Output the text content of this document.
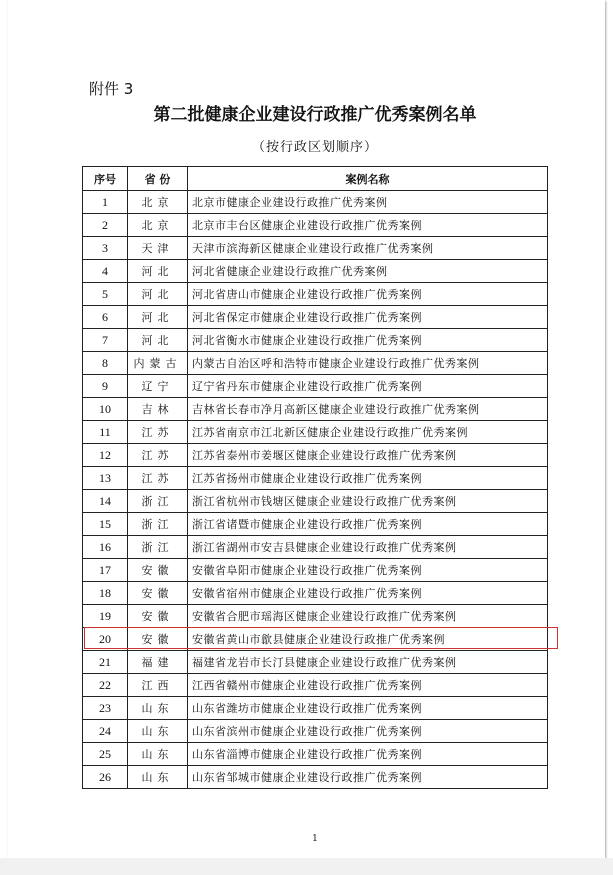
附件 3
第二批健康企业建设行政推广优秀案例名单
（按行政区划顺序）
序号	省 份	案例名称
1	北京	北京市健康企业建设行政推广优秀案例
2	北京	北京市丰台区健康企业建设行政推广优秀案例
3	天津	天津市滨海新区健康企业建设行政推广优秀案例
4	河北	河北省健康企业建设行政推广优秀案例
5	河北	河北省唐山市健康企业建设行政推广优秀案例
6	河北	河北省保定市健康企业建设行政推广优秀案例
7	河北	河北省衡水市健康企业建设行政推广优秀案例
8	内蒙古	内蒙古自治区呼和浩特市健康企业建设行政推广优秀案例
9	辽宁	辽宁省丹东市健康企业建设行政推广优秀案例
10	吉林	吉林省长春市净月高新区健康企业建设行政推广优秀案例
11	江苏	江苏省南京市江北新区健康企业建设行政推广优秀案例
12	江苏	江苏省泰州市姜堰区健康企业建设行政推广优秀案例
13	江苏	江苏省扬州市健康企业建设行政推广优秀案例
14	浙江	浙江省杭州市钱塘区健康企业建设行政推广优秀案例
15	浙江	浙江省诸暨市健康企业建设行政推广优秀案例
16	浙江	浙江省湖州市安吉县健康企业建设行政推广优秀案例
17	安徽	安徽省阜阳市健康企业建设行政推广优秀案例
18	安徽	安徽省宿州市健康企业建设行政推广优秀案例
19	安徽	安徽省合肥市瑶海区健康企业建设行政推广优秀案例
20	安徽	安徽省黄山市歙县健康企业建设行政推广优秀案例
21	福建	福建省龙岩市长汀县健康企业建设行政推广优秀案例
22	江西	江西省赣州市健康企业建设行政推广优秀案例
23	山东	山东省潍坊市健康企业建设行政推广优秀案例
24	山东	山东省滨州市健康企业建设行政推广优秀案例
25	山东	山东省淄博市健康企业建设行政推广优秀案例
26	山东	山东省邹城市健康企业建设行政推广优秀案例
1
